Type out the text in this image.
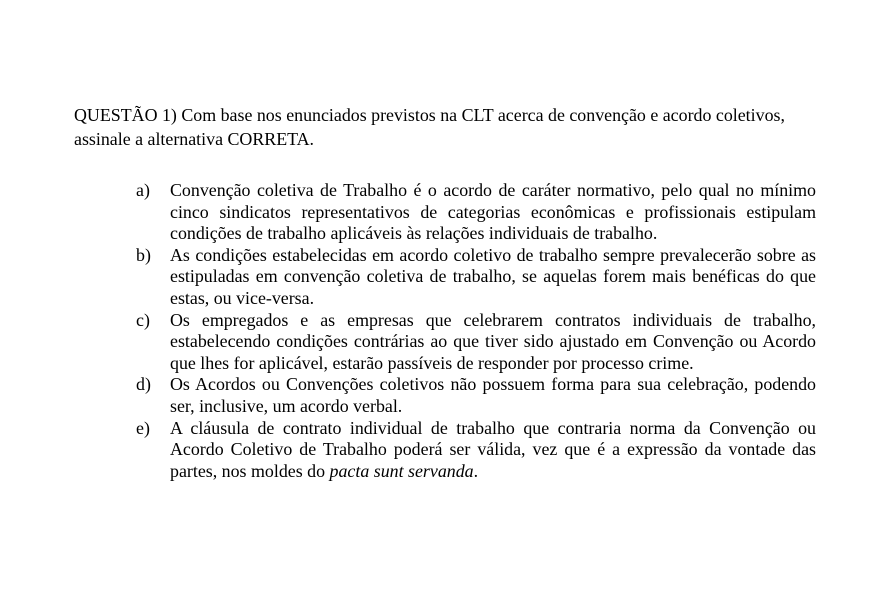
QUESTÃO 1) Com base nos enunciados previstos na CLT acerca de convenção e acordo coletivos, assinale a alternativa CORRETA.

a)	Convenção coletiva de Trabalho é o acordo de caráter normativo, pelo qual no mínimo cinco sindicatos representativos de categorias econômicas e profissionais estipulam condições de trabalho aplicáveis às relações individuais de trabalho.
b)	As condições estabelecidas em acordo coletivo de trabalho sempre prevalecerão sobre as estipuladas em convenção coletiva de trabalho, se aquelas forem mais benéficas do que estas, ou vice-versa.
c)	Os empregados e as empresas que celebrarem contratos individuais de trabalho, estabelecendo condições contrárias ao que tiver sido ajustado em Convenção ou Acordo que lhes for aplicável, estarão passíveis de responder por processo crime.
d)	Os Acordos ou Convenções coletivos não possuem forma para sua celebração, podendo ser, inclusive, um acordo verbal.
e)	A cláusula de contrato individual de trabalho que contraria norma da Convenção ou Acordo Coletivo de Trabalho poderá ser válida, vez que é a expressão da vontade das partes, nos moldes do pacta sunt servanda.
